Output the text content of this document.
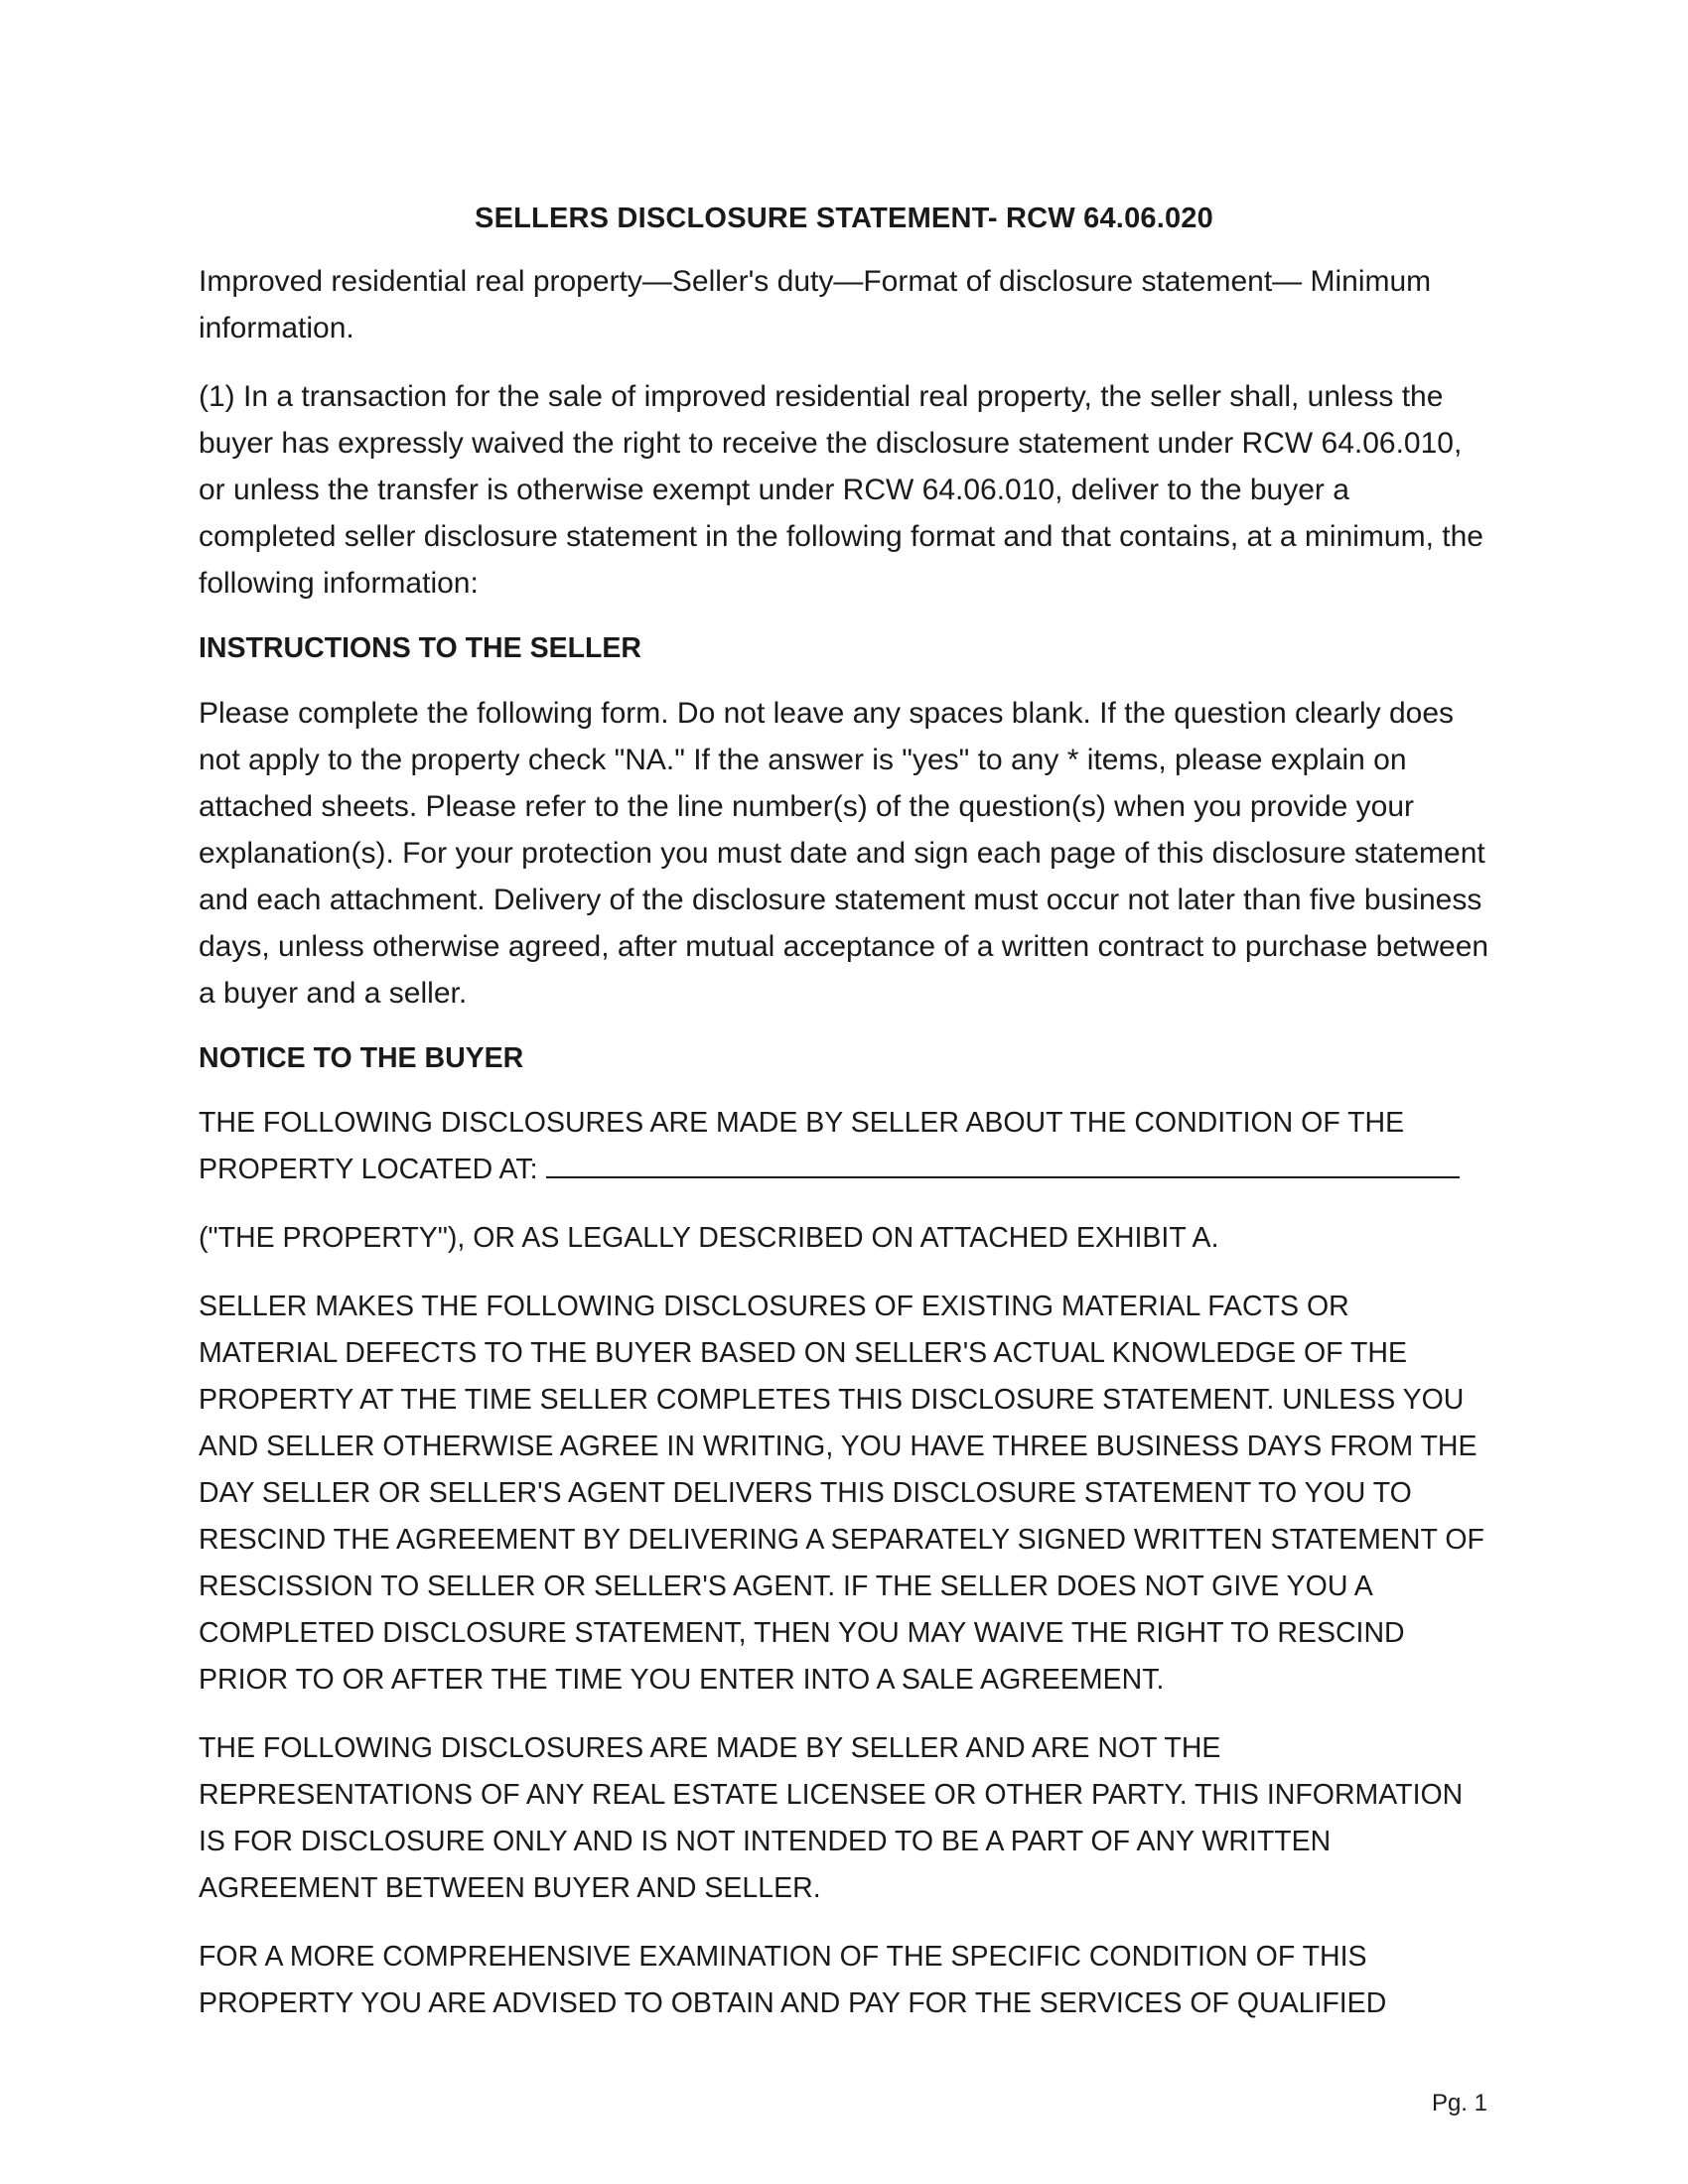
SELLERS DISCLOSURE STATEMENT- RCW 64.06.020

Improved residential real property—Seller's duty—Format of disclosure statement— Minimum information.

(1) In a transaction for the sale of improved residential real property, the seller shall, unless the buyer has expressly waived the right to receive the disclosure statement under RCW 64.06.010, or unless the transfer is otherwise exempt under RCW 64.06.010, deliver to the buyer a completed seller disclosure statement in the following format and that contains, at a minimum, the following information:

INSTRUCTIONS TO THE SELLER

Please complete the following form. Do not leave any spaces blank. If the question clearly does not apply to the property check "NA." If the answer is "yes" to any * items, please explain on attached sheets. Please refer to the line number(s) of the question(s) when you provide your explanation(s). For your protection you must date and sign each page of this disclosure statement and each attachment. Delivery of the disclosure statement must occur not later than five business days, unless otherwise agreed, after mutual acceptance of a written contract to purchase between a buyer and a seller.

NOTICE TO THE BUYER

THE FOLLOWING DISCLOSURES ARE MADE BY SELLER ABOUT THE CONDITION OF THE PROPERTY LOCATED AT:

("THE PROPERTY"), OR AS LEGALLY DESCRIBED ON ATTACHED EXHIBIT A.

SELLER MAKES THE FOLLOWING DISCLOSURES OF EXISTING MATERIAL FACTS OR MATERIAL DEFECTS TO THE BUYER BASED ON SELLER'S ACTUAL KNOWLEDGE OF THE PROPERTY AT THE TIME SELLER COMPLETES THIS DISCLOSURE STATEMENT. UNLESS YOU AND SELLER OTHERWISE AGREE IN WRITING, YOU HAVE THREE BUSINESS DAYS FROM THE DAY SELLER OR SELLER'S AGENT DELIVERS THIS DISCLOSURE STATEMENT TO YOU TO RESCIND THE AGREEMENT BY DELIVERING A SEPARATELY SIGNED WRITTEN STATEMENT OF RESCISSION TO SELLER OR SELLER'S AGENT. IF THE SELLER DOES NOT GIVE YOU A COMPLETED DISCLOSURE STATEMENT, THEN YOU MAY WAIVE THE RIGHT TO RESCIND PRIOR TO OR AFTER THE TIME YOU ENTER INTO A SALE AGREEMENT.

THE FOLLOWING DISCLOSURES ARE MADE BY SELLER AND ARE NOT THE REPRESENTATIONS OF ANY REAL ESTATE LICENSEE OR OTHER PARTY. THIS INFORMATION IS FOR DISCLOSURE ONLY AND IS NOT INTENDED TO BE A PART OF ANY WRITTEN AGREEMENT BETWEEN BUYER AND SELLER.

FOR A MORE COMPREHENSIVE EXAMINATION OF THE SPECIFIC CONDITION OF THIS PROPERTY YOU ARE ADVISED TO OBTAIN AND PAY FOR THE SERVICES OF QUALIFIED

Pg. 1
